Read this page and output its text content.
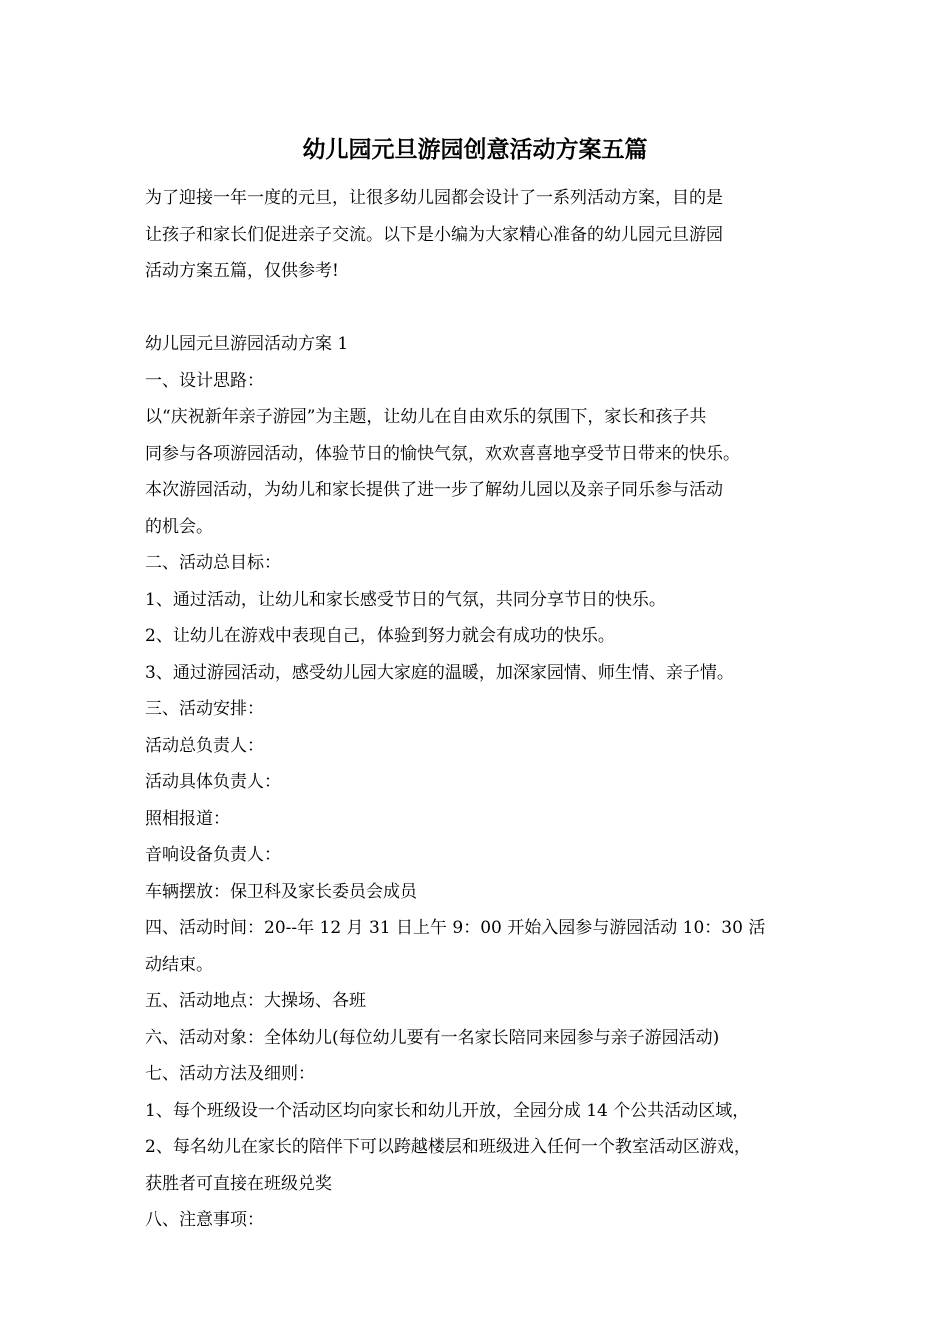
幼儿园元旦游园创意活动方案五篇
为了迎接一年一度的元旦，让很多幼儿园都会设计了一系列活动方案，目的是
让孩子和家长们促进亲子交流。以下是小编为大家精心准备的幼儿园元旦游园
活动方案五篇，仅供参考!
幼儿园元旦游园活动方案 1
一、设计思路：
以“庆祝新年亲子游园”为主题，让幼儿在自由欢乐的氛围下，家长和孩子共
同参与各项游园活动，体验节日的愉快气氛，欢欢喜喜地享受节日带来的快乐。
本次游园活动，为幼儿和家长提供了进一步了解幼儿园以及亲子同乐参与活动
的机会。
二、活动总目标：
1、通过活动，让幼儿和家长感受节日的气氛，共同分享节日的快乐。
2、让幼儿在游戏中表现自己，体验到努力就会有成功的快乐。
3、通过游园活动，感受幼儿园大家庭的温暖，加深家园情、师生情、亲子情。
三、活动安排：
活动总负责人：
活动具体负责人：
照相报道：
音响设备负责人：
车辆摆放：保卫科及家长委员会成员
四、活动时间：20--年 12 月 31 日上午 9：00 开始入园参与游园活动 10：30 活
动结束。
五、活动地点：大操场、各班
六、活动对象：全体幼儿(每位幼儿要有一名家长陪同来园参与亲子游园活动)
七、活动方法及细则：
1、每个班级设一个活动区均向家长和幼儿开放，全园分成 14 个公共活动区域，
2、每名幼儿在家长的陪伴下可以跨越楼层和班级进入任何一个教室活动区游戏，
获胜者可直接在班级兑奖
八、注意事项：
